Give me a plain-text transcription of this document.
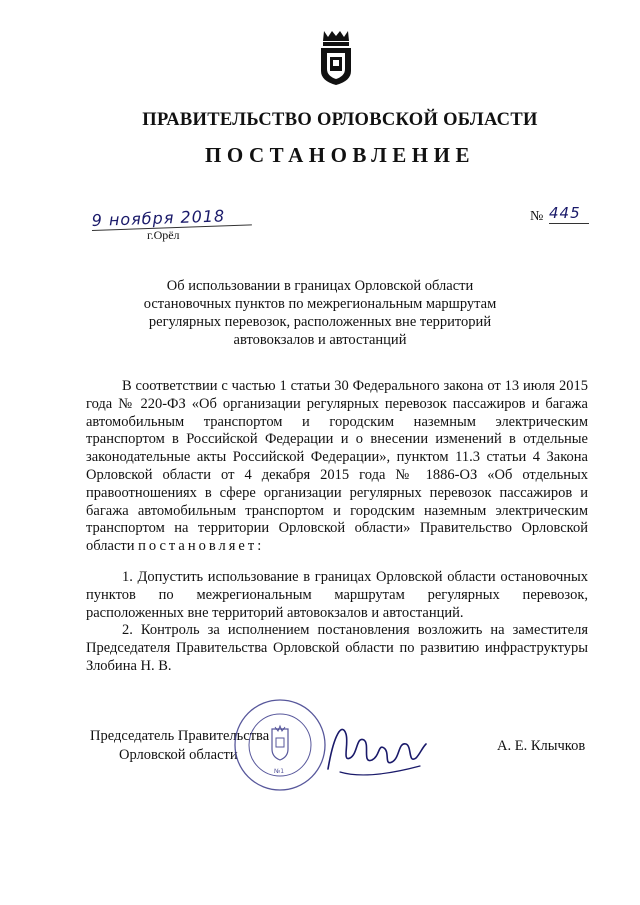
ПРАВИТЕЛЬСТВО ОРЛОВСКОЙ ОБЛАСТИ
ПОСТАНОВЛЕНИЕ
9 ноября 2018
г.Орёл
№ 445
Об использовании в границах Орловской области
остановочных пунктов по межрегиональным маршрутам
регулярных перевозок, расположенных вне территорий
автовокзалов и автостанций

В соответствии с частью 1 статьи 30 Федерального закона от 13 июля 2015 года № 220-ФЗ «Об организации регулярных перевозок пассажиров и багажа автомобильным транспортом и городским наземным электрическим транспортом в Российской Федерации и о внесении изменений в отдельные законодательные акты Российской Федерации», пунктом 11.3 статьи 4 Закона Орловской области от 4 декабря 2015 года № 1886-ОЗ «Об отдельных правоотношениях в сфере организации регулярных перевозок пассажиров и багажа автомобильным транспортом и городским наземным электрическим транспортом на территории Орловской области» Правительство Орловской области постановляет:

1. Допустить использование в границах Орловской области остановочных пунктов по межрегиональным маршрутам регулярных перевозок, расположенных вне территорий автовокзалов и автостанций.

2. Контроль за исполнением постановления возложить на заместителя Председателя Правительства Орловской области по развитию инфраструктуры Злобина Н. В.

Председатель Правительства
Орловской области
№1
А. Е. Клычков
